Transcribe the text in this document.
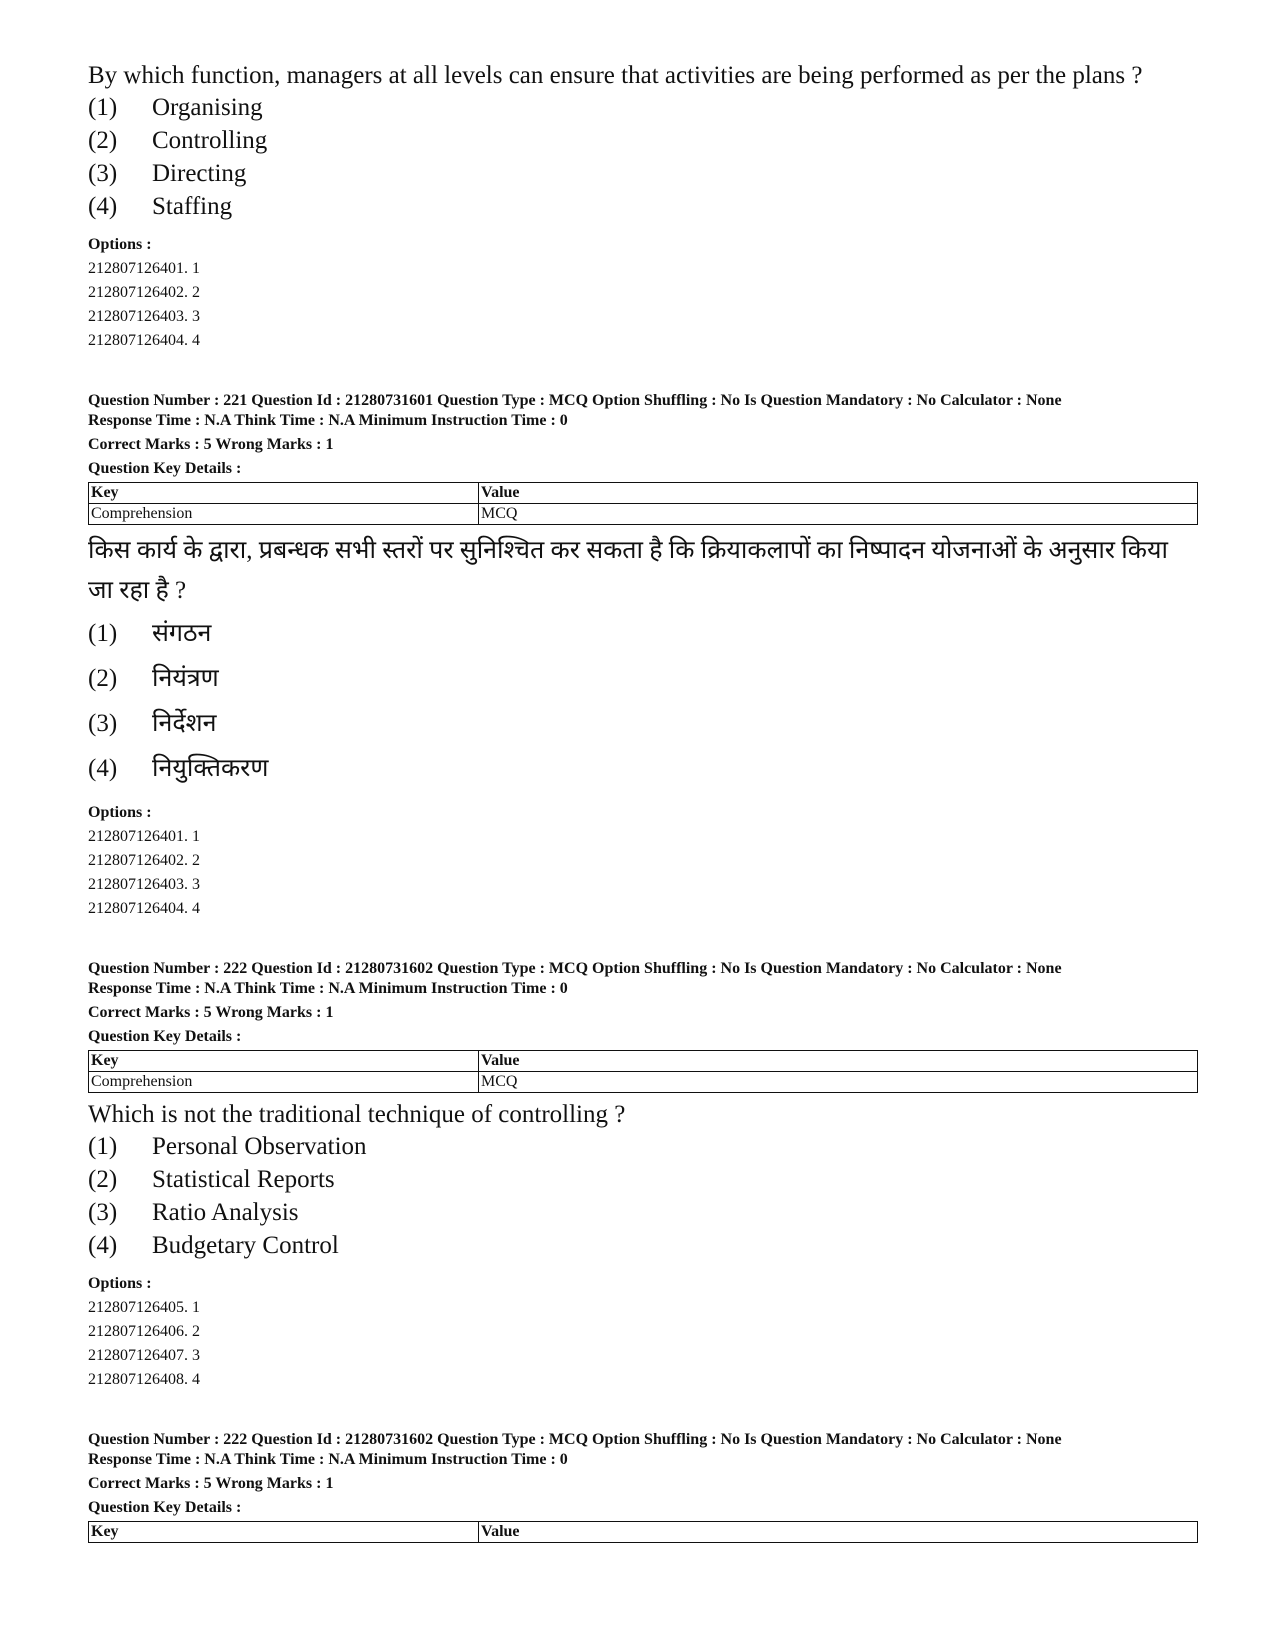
By which function, managers at all levels can ensure that activities are being performed as per the plans ?

(1)	Organising
(2)	Controlling
(3)	Directing
(4)	Staffing
Options :
212807126401. 1
212807126402. 2
212807126403. 3
212807126404. 4
Question Number : 221 Question Id : 21280731601 Question Type : MCQ Option Shuffling : No Is Question Mandatory : No Calculator : None
Response Time : N.A Think Time : N.A Minimum Instruction Time : 0
Correct Marks : 5 Wrong Marks : 1
Question Key Details :
Key	Value
Comprehension	MCQ

किस कार्य के द्वारा, प्रबन्धक सभी स्तरों पर सुनिश्चित कर सकता है कि क्रियाकलापों का निष्पादन योजनाओं के अनुसार किया जा रहा है ?

(1)	संगठन
(2)	नियंत्रण
(3)	निर्देशन
(4)	नियुक्तिकरण
Options :
212807126401. 1
212807126402. 2
212807126403. 3
212807126404. 4
Question Number : 222 Question Id : 21280731602 Question Type : MCQ Option Shuffling : No Is Question Mandatory : No Calculator : None
Response Time : N.A Think Time : N.A Minimum Instruction Time : 0
Correct Marks : 5 Wrong Marks : 1
Question Key Details :
Key	Value
Comprehension	MCQ

Which is not the traditional technique of controlling ?

(1)	Personal Observation
(2)	Statistical Reports
(3)	Ratio Analysis
(4)	Budgetary Control
Options :
212807126405. 1
212807126406. 2
212807126407. 3
212807126408. 4
Question Number : 222 Question Id : 21280731602 Question Type : MCQ Option Shuffling : No Is Question Mandatory : No Calculator : None
Response Time : N.A Think Time : N.A Minimum Instruction Time : 0
Correct Marks : 5 Wrong Marks : 1
Question Key Details :
Key	Value
